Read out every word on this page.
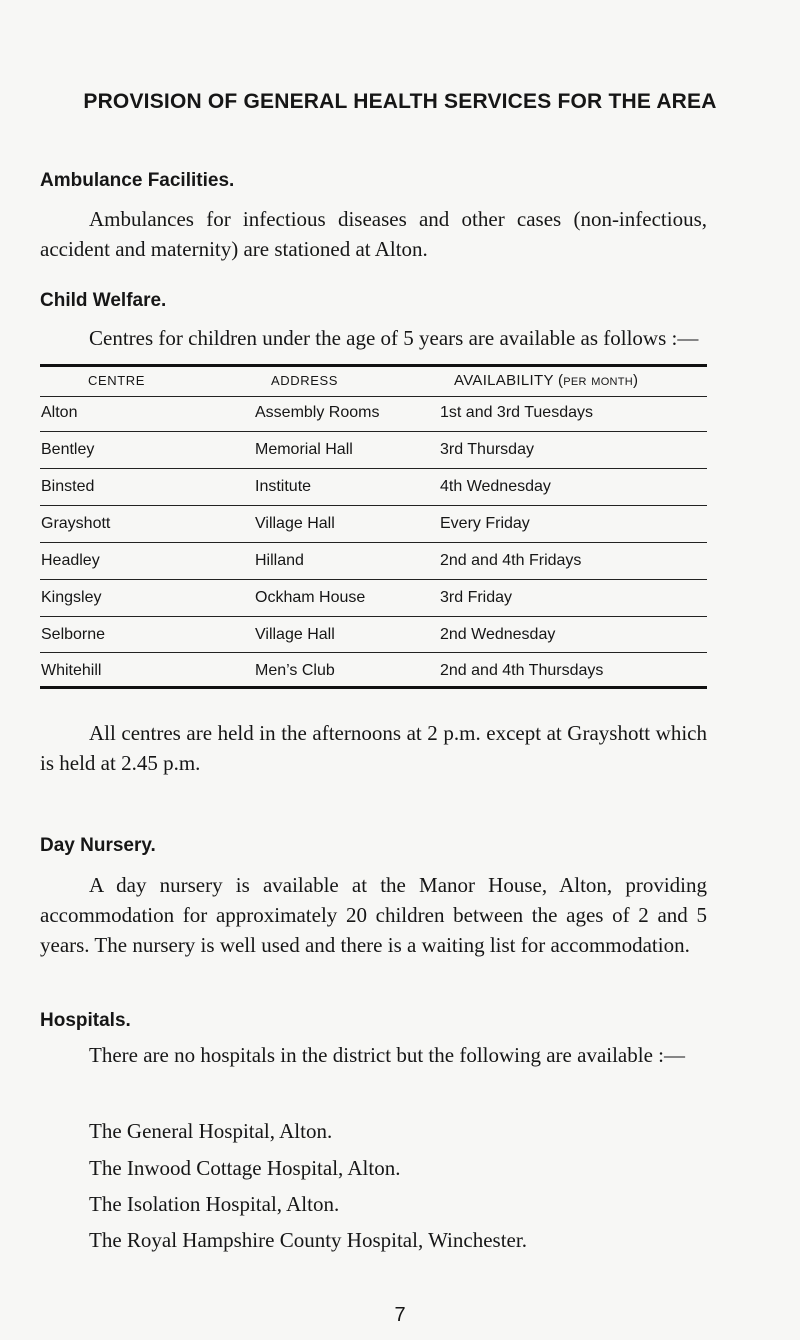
PROVISION OF GENERAL HEALTH SERVICES FOR THE AREA
Ambulance Facilities.
Ambulances for infectious diseases and other cases (non-infectious, accident and maternity) are stationed at Alton.
Child Welfare.
Centres for children under the age of 5 years are available as follows :—
CENTRE	ADDRESS	AVAILABILITY (per month)
Alton	Assembly Rooms	1st and 3rd Tuesdays
Bentley	Memorial Hall	3rd Thursday
Binsted	Institute	4th Wednesday
Grayshott	Village Hall	Every Friday
Headley	Hilland	2nd and 4th Fridays
Kingsley	Ockham House	3rd Friday
Selborne	Village Hall	2nd Wednesday
Whitehill	Men’s Club	2nd and 4th Thursdays
All centres are held in the afternoons at 2 p.m. except at Grayshott which is held at 2.45 p.m.
Day Nursery.
A day nursery is available at the Manor House, Alton, providing accommodation for approximately 20 children between the ages of 2 and 5 years. The nursery is well used and there is a waiting list for accommodation.
Hospitals.
There are no hospitals in the district but the following are available :—
The General Hospital, Alton.
The Inwood Cottage Hospital, Alton.
The Isolation Hospital, Alton.
The Royal Hampshire County Hospital, Winchester.
7
